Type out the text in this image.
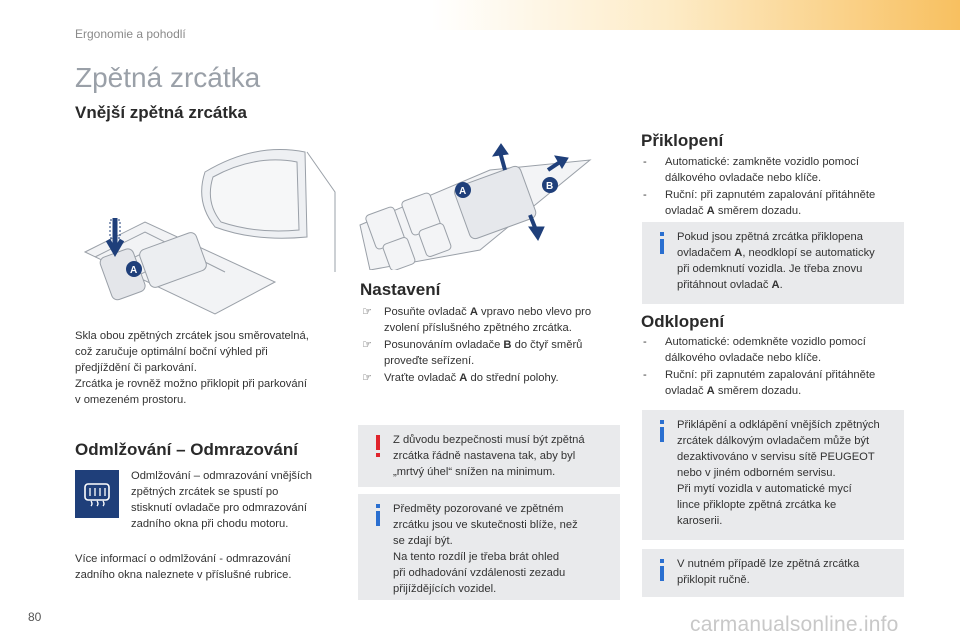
Ergonomie a pohodlí
Zpětná zrcátka
Vnější zpětná zrcátka
A
Skla obou zpětných zrcátek jsou směrovatelná,
což zaručuje optimální boční výhled při
předjíždění či parkování.
Zrcátka je rovněž možno přiklopit při parkování
v omezeném prostoru.
Odmlžování – Odmrazování
Odmlžování – odmrazování vnějších
zpětných zrcátek se spustí po
stisknutí ovladače pro odmrazování
zadního okna při chodu motoru.
Více informací o odmlžování - odmrazování
zadního okna naleznete v příslušné rubrice.
A	B
Nastavení
☞	Posuňte ovladač A vpravo nebo vlevo pro
zvolení příslušného zpětného zrcátka.
☞	Posunováním ovladače B do čtyř směrů
proveďte seřízení.
☞	Vraťte ovladač A do střední polohy.
Z důvodu bezpečnosti musí být zpětná
zrcátka řádně nastavena tak, aby byl
„mrtvý úhel“ snížen na minimum.
Předměty pozorované ve zpětném
zrcátku jsou ve skutečnosti blíže, než
se zdají být.
Na tento rozdíl je třeba brát ohled
při odhadování vzdálenosti zezadu
přijíždějících vozidel.
Přiklopení
-	Automatické: zamkněte vozidlo pomocí
dálkového ovladače nebo klíče.
-	Ruční: při zapnutém zapalování přitáhněte
ovladač A směrem dozadu.
Pokud jsou zpětná zrcátka přiklopena
ovladačem A, neodklopí se automaticky
při odemknutí vozidla. Je třeba znovu
přitáhnout ovladač A.
Odklopení
-	Automatické: odemkněte vozidlo pomocí
dálkového ovladače nebo klíče.
-	Ruční: při zapnutém zapalování přitáhněte
ovladač A směrem dozadu.
Přiklápění a odklápění vnějších zpětných
zrcátek dálkovým ovladačem může být
dezaktivováno v servisu sítě PEUGEOT
nebo v jiném odborném servisu.
Při mytí vozidla v automatické mycí
lince přiklopte zpětná zrcátka ke
karoserii.
V nutném případě lze zpětná zrcátka
přiklopit ručně.
80	carmanualsonline.info
